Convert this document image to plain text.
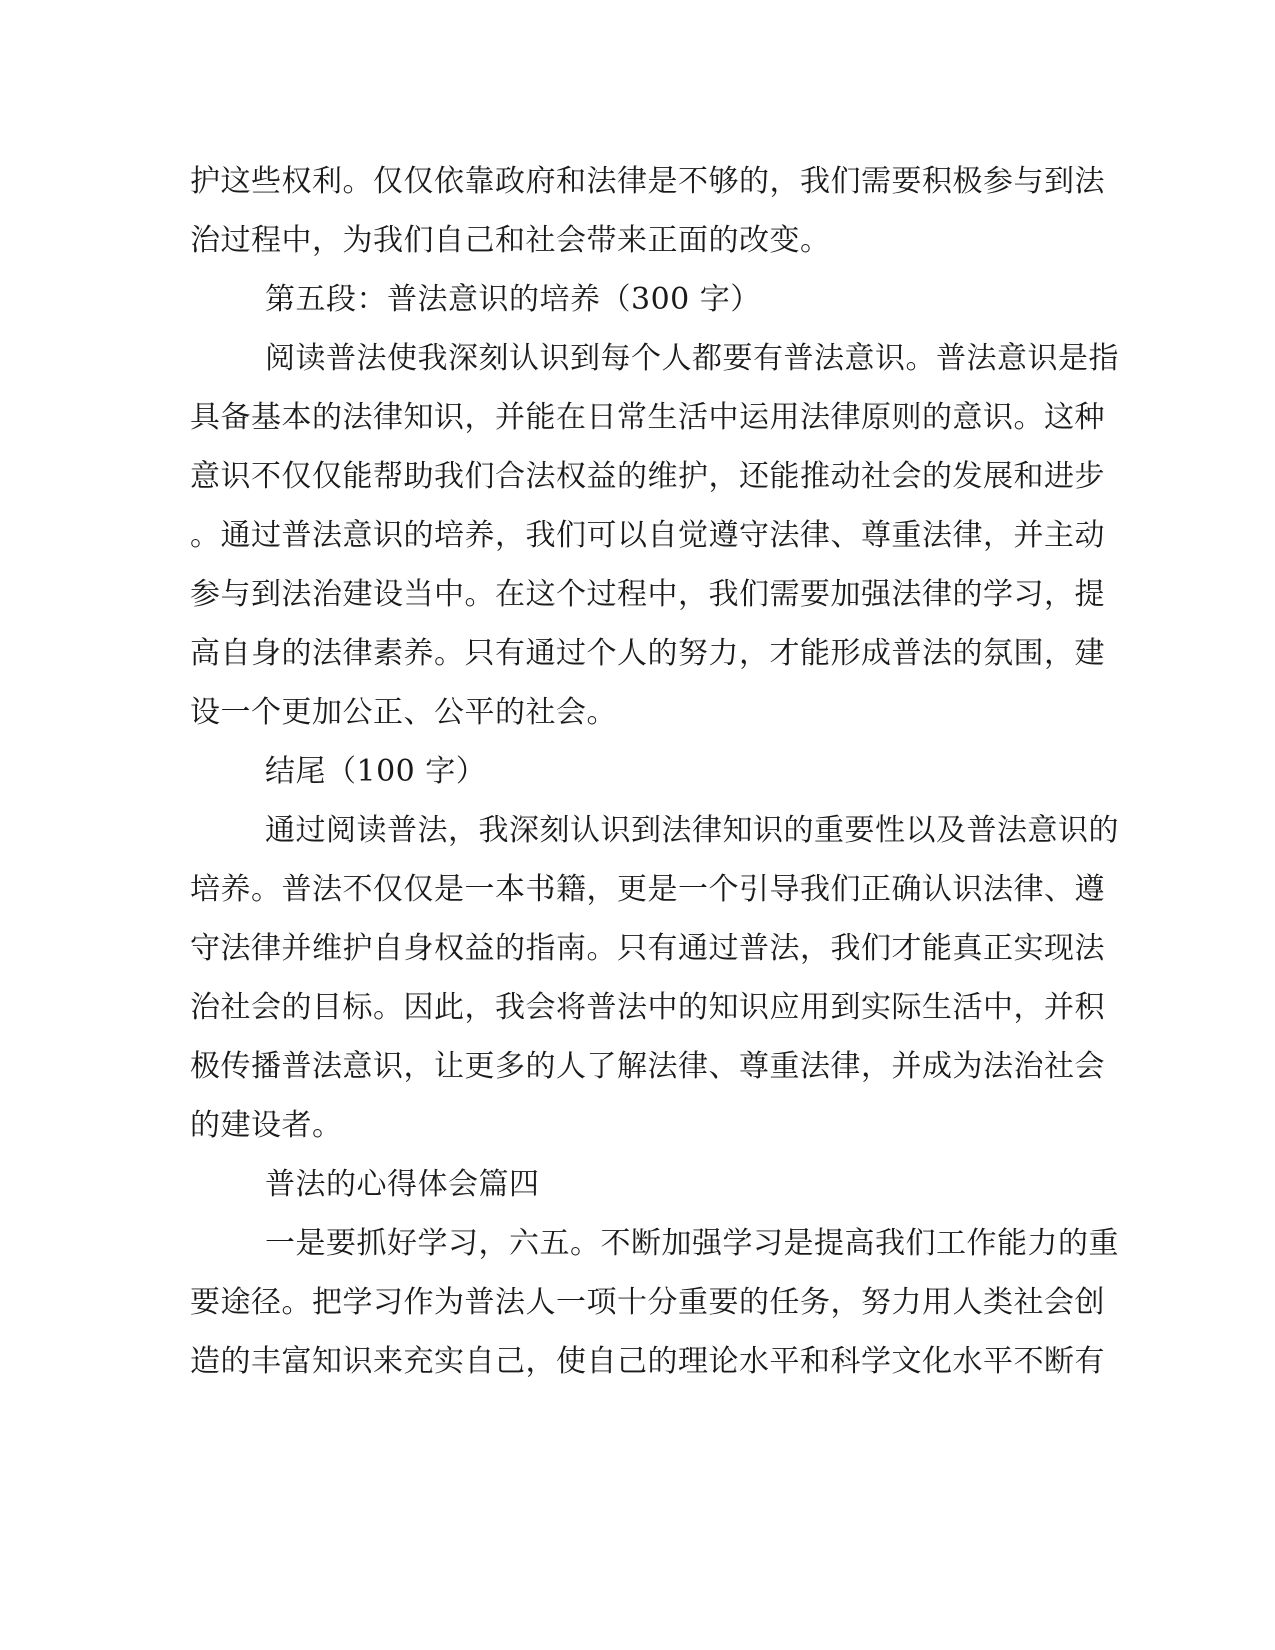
护这些权利。仅仅依靠政府和法律是不够的，我们需要积极参与到法
治过程中，为我们自己和社会带来正面的改变。
第五段：普法意识的培养（300 字）
阅读普法使我深刻认识到每个人都要有普法意识。普法意识是指
具备基本的法律知识，并能在日常生活中运用法律原则的意识。这种
意识不仅仅能帮助我们合法权益的维护，还能推动社会的发展和进步
。通过普法意识的培养，我们可以自觉遵守法律、尊重法律，并主动
参与到法治建设当中。在这个过程中，我们需要加强法律的学习，提
高自身的法律素养。只有通过个人的努力，才能形成普法的氛围，建
设一个更加公正、公平的社会。
结尾（100 字）
通过阅读普法，我深刻认识到法律知识的重要性以及普法意识的
培养。普法不仅仅是一本书籍，更是一个引导我们正确认识法律、遵
守法律并维护自身权益的指南。只有通过普法，我们才能真正实现法
治社会的目标。因此，我会将普法中的知识应用到实际生活中，并积
极传播普法意识，让更多的人了解法律、尊重法律，并成为法治社会
的建设者。
普法的心得体会篇四
一是要抓好学习，六五。不断加强学习是提高我们工作能力的重
要途径。把学习作为普法人一项十分重要的任务，努力用人类社会创
造的丰富知识来充实自己，使自己的理论水平和科学文化水平不断有
